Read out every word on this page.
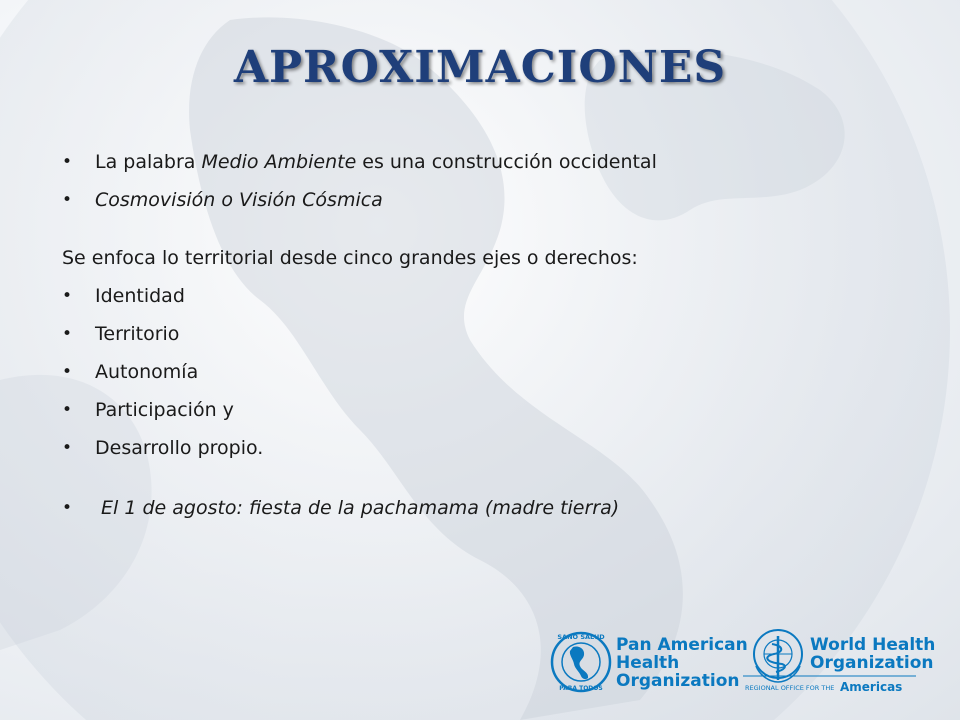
APROXIMACIONES
•	La palabra Medio Ambiente es una construcción occidental
•	Cosmovisión o Visión Cósmica
Se enfoca lo territorial desde cinco grandes ejes o derechos:
•	Identidad
•	Territorio
•	Autonomía
•	Participación y
•	Desarrollo propio.
•	El 1 de agosto: fiesta de la pachamama (madre tierra)
SANO SALUD
PARA TODOS
Pan American
Health
Organization
World Health
Organization
REGIONAL OFFICE FOR THE Americas
